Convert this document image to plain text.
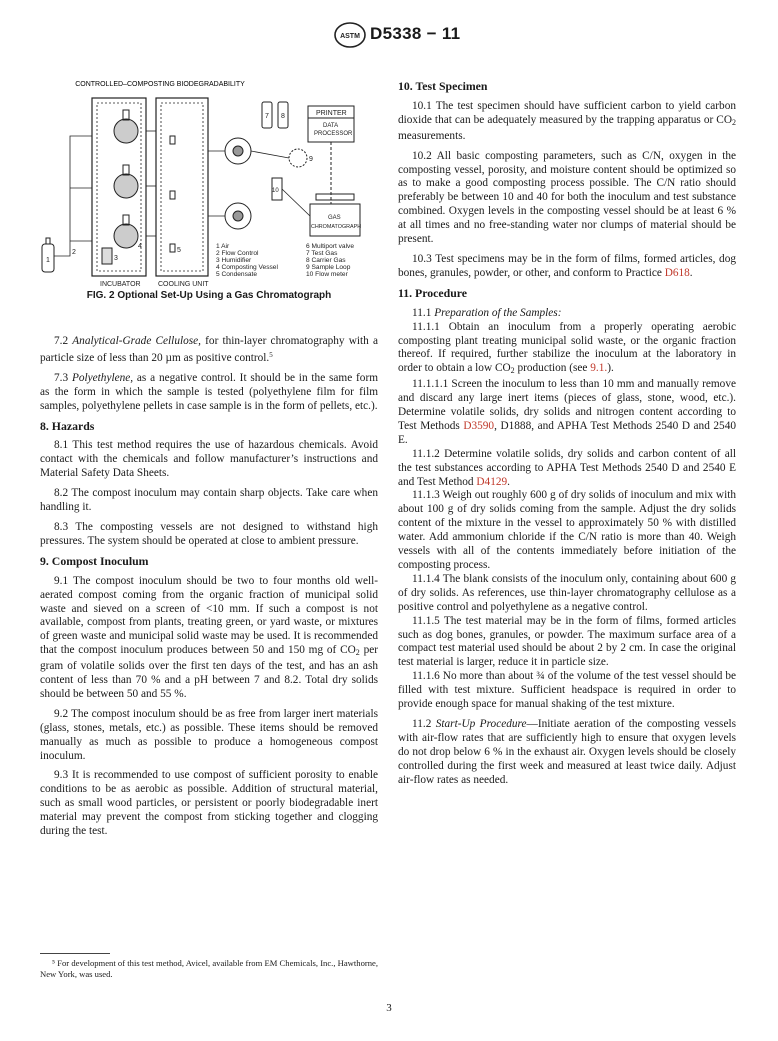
ASTM D5338 − 11
CONTROLLED–COMPOSTING BIODEGRADABILITY
1
2
3
4
5
7 8
9
10
INCUBATOR COOLING UNIT
PRINTER
DATA
PROCESSOR
GAS
CHROMATOGRAPH
1 Air
2 Flow Control
3 Humidifier
4 Composting Vessel
5 Condensate
6 Multiport valve
7 Test Gas
8 Carrier Gas
9 Sample Loop
10 Flow meter
FIG. 2 Optional Set-Up Using a Gas Chromatograph

7.2 Analytical-Grade Cellulose, for thin-layer chromatography with a particle size of less than 20 µm as positive control.$^5$

7.3 Polyethylene, as a negative control. It should be in the same form as the form in which the sample is tested (polyethylene film for film samples, polyethylene pellets in case sample is in the form of pellets, etc.).

8. Hazards

8.1 This test method requires the use of hazardous chemicals. Avoid contact with the chemicals and follow manufacturer’s instructions and Material Safety Data Sheets.

8.2 The compost inoculum may contain sharp objects. Take care when handling it.

8.3 The composting vessels are not designed to withstand high pressures. The system should be operated at close to ambient pressure.

9. Compost Inoculum

9.1 The compost inoculum should be two to four months old well-aerated compost coming from the organic fraction of municipal solid waste and sieved on a screen of <10 mm. If such a compost is not available, compost from plants, treating green, or yard waste, or mixtures of green waste and municipal solid waste may be used. It is recommended that the compost inoculum produces between 50 and 150 mg of $CO_2$ per gram of volatile solids over the first ten days of the test, and has an ash content of less than 70 % and a pH between 7 and 8.2. Total dry solids should be between 50 and 55 %.

9.2 The compost inoculum should be as free from larger inert materials (glass, stones, metals, etc.) as possible. These items should be removed manually as much as possible to produce a homogeneous compost inoculum.

9.3 It is recommended to use compost of sufficient porosity to enable conditions to be as aerobic as possible. Addition of structural material, such as small wood particles, or persistent or poorly biodegradable inert material may prevent the compost from sticking together and clogging during the test.

⁵ For development of this test method, Avicel, available from EM Chemicals, Inc., Hawthorne, New York, was used.
10. Test Specimen

10.1 The test specimen should have sufficient carbon to yield carbon dioxide that can be adequately measured by the trapping apparatus or $CO_2$ measurements.

10.2 All basic composting parameters, such as C/N, oxygen in the composting vessel, porosity, and moisture content should be optimized so as to make a good composting process possible. The C/N ratio should preferably be between 10 and 40 for both the inoculum and test substance combined. Oxygen levels in the composting vessel should be at least 6 % at all times and no free-standing water nor clumps of material should be present.

10.3 Test specimens may be in the form of films, formed articles, dog bones, granules, powder, or other, and conform to Practice D618.

11. Procedure

11.1 Preparation of the Samples:

11.1.1 Obtain an inoculum from a properly operating aerobic composting plant treating municipal solid waste, or the organic fraction thereof. If required, further stabilize the inoculum at the laboratory in order to obtain a low $CO_2$ production (see 9.1.).

11.1.1.1 Screen the inoculum to less than 10 mm and manually remove and discard any large inert items (pieces of glass, stone, wood, etc.). Determine volatile solids, dry solids and nitrogen content according to Test Methods D3590, D1888, and APHA Test Methods 2540 D and 2540 E.

11.1.2 Determine volatile solids, dry solids and carbon content of all the test substances according to APHA Test Methods 2540 D and 2540 E and Test Method D4129.

11.1.3 Weigh out roughly 600 g of dry solids of inoculum and mix with about 100 g of dry solids coming from the sample. Adjust the dry solids content of the mixture in the vessel to approximately 50 % with distilled water. Add ammonium chloride if the C/N ratio is more than 40. Weigh vessels with all of the contents immediately before initiation of the composting process.

11.1.4 The blank consists of the inoculum only, containing about 600 g of dry solids. As references, use thin-layer chromatography cellulose as a positive control and polyethylene as a negative control.

11.1.5 The test material may be in the form of films, formed articles such as dog bones, granules, or powder. The maximum surface area of a compact test material used should be about 2 by 2 cm. In case the original test material is larger, reduce it in particle size.

11.1.6 No more than about ¾ of the volume of the test vessel should be filled with test mixture. Sufficient headspace is required in order to provide enough space for manual shaking of the test mixture.

11.2 Start-Up Procedure—Initiate aeration of the composting vessels with air-flow rates that are sufficiently high to ensure that oxygen levels do not drop below 6 % in the exhaust air. Oxygen levels should be closely controlled during the first week and measured at least twice daily. Adjust air-flow rates as needed.

3
